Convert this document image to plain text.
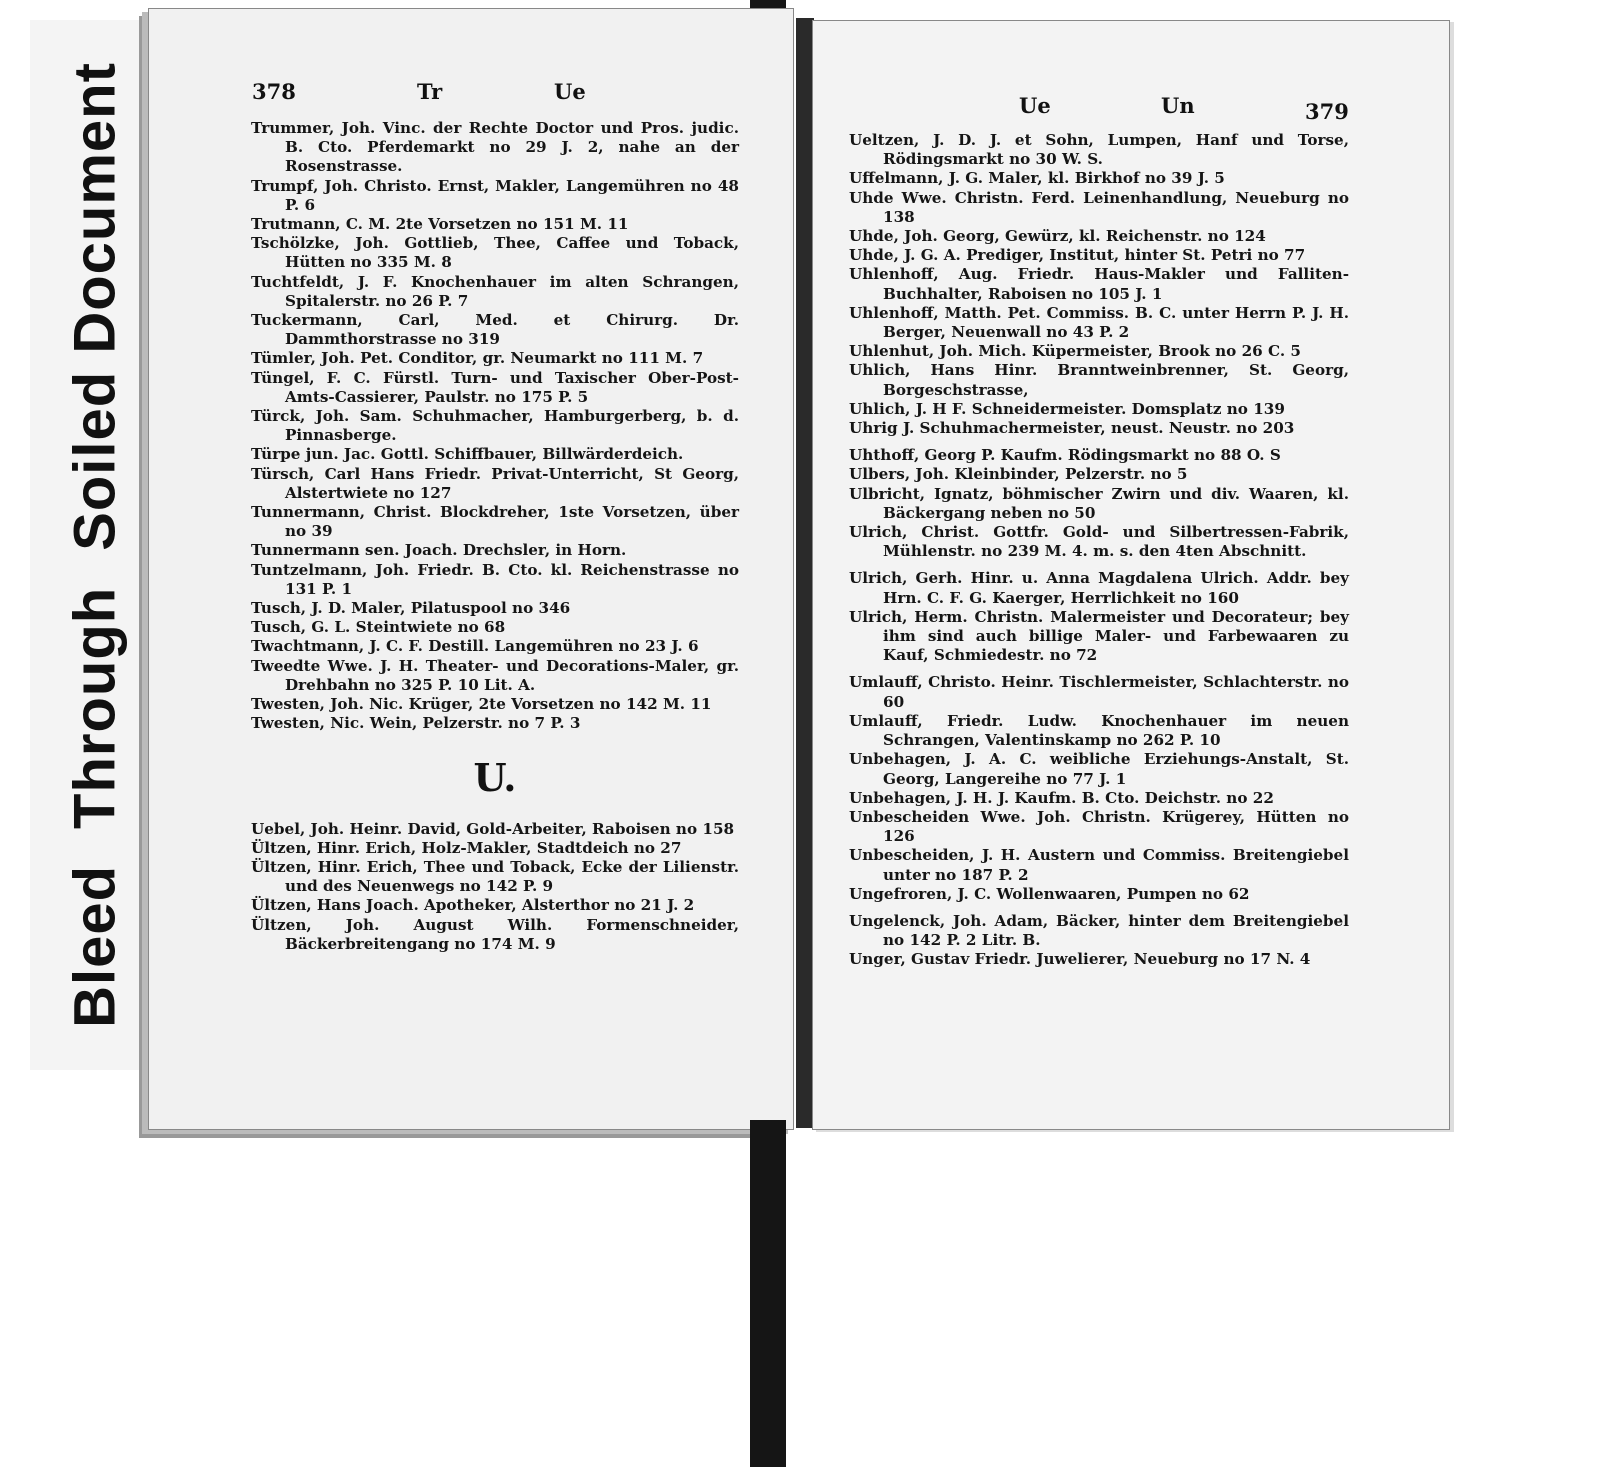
BleedThroughSoiled Document	378	Tr	Ue

Trummer, Joh. Vinc. der Rechte Doctor und Pros. judic. B. Cto. Pferdemarkt no 29 J. 2, nahe an der Rosenstrasse.

Trumpf, Joh. Christo. Ernst, Makler, Langemühren no 48 P. 6

Trutmann, C. M. 2te Vorsetzen no 151 M. 11

Tschölzke, Joh. Gottlieb, Thee, Caffee und Toback, Hütten no 335 M. 8

Tuchtfeldt, J. F. Knochenhauer im alten Schrangen, Spitalerstr. no 26 P. 7

Tuckermann, Carl, Med. et Chirurg. Dr. Dammthorstrasse no 319

Tümler, Joh. Pet. Conditor, gr. Neumarkt no 111 M. 7

Tüngel, F. C. Fürstl. Turn- und Taxischer Ober-Post-Amts-Cassierer, Paulstr. no 175 P. 5

Türck, Joh. Sam. Schuhmacher, Hamburgerberg, b. d. Pinnasberge.

Türpe jun. Jac. Gottl. Schiffbauer, Billwärderdeich.

Türsch, Carl Hans Friedr. Privat-Unterricht, St Georg, Alstertwiete no 127

Tunnermann, Christ. Blockdreher, 1ste Vorsetzen, über no 39

Tunnermann sen. Joach. Drechsler, in Horn.

Tuntzelmann, Joh. Friedr. B. Cto. kl. Reichenstrasse no 131 P. 1

Tusch, J. D. Maler, Pilatuspool no 346

Tusch, G. L. Steintwiete no 68

Twachtmann, J. C. F. Destill. Langemühren no 23 J. 6

Tweedte Wwe. J. H. Theater- und Decorations-Maler, gr. Drehbahn no 325 P. 10 Lit. A.

Twesten, Joh. Nic. Krüger, 2te Vorsetzen no 142 M. 11

Twesten, Nic. Wein, Pelzerstr. no 7 P. 3

U.

Uebel, Joh. Heinr. David, Gold-Arbeiter, Raboisen no 158

Ültzen, Hinr. Erich, Holz-Makler, Stadtdeich no 27

Ültzen, Hinr. Erich, Thee und Toback, Ecke der Lilienstr. und des Neuenwegs no 142 P. 9

Ültzen, Hans Joach. Apotheker, Alsterthor no 21 J. 2

Ültzen, Joh. August Wilh. Formenschneider, Bäckerbreitengang no 174 M. 9

Ue	Un	379

Ueltzen, J. D. J. et Sohn, Lumpen, Hanf und Torse, Rödingsmarkt no 30 W. S.

Uffelmann, J. G. Maler, kl. Birkhof no 39 J. 5

Uhde Wwe. Christn. Ferd. Leinenhandlung, Neueburg no 138

Uhde, Joh. Georg, Gewürz, kl. Reichenstr. no 124

Uhde, J. G. A. Prediger, Institut, hinter St. Petri no 77

Uhlenhoff, Aug. Friedr. Haus-Makler und Falliten-Buchhalter, Raboisen no 105 J. 1

Uhlenhoff, Matth. Pet. Commiss. B. C. unter Herrn P. J. H. Berger, Neuenwall no 43 P. 2

Uhlenhut, Joh. Mich. Küpermeister, Brook no 26 C. 5

Uhlich, Hans Hinr. Branntweinbrenner, St. Georg, Borgeschstrasse,

Uhlich, J. H F. Schneidermeister. Domsplatz no 139

Uhrig J. Schuhmachermeister, neust. Neustr. no 203

Uhthoff, Georg P. Kaufm. Rödingsmarkt no 88 O. S

Ulbers, Joh. Kleinbinder, Pelzerstr. no 5

Ulbricht, Ignatz, böhmischer Zwirn und div. Waaren, kl. Bäckergang neben no 50

Ulrich, Christ. Gottfr. Gold- und Silbertressen-Fabrik, Mühlenstr. no 239 M. 4. m. s. den 4ten Abschnitt.

Ulrich, Gerh. Hinr. u. Anna Magdalena Ulrich. Addr. bey Hrn. C. F. G. Kaerger, Herrlichkeit no 160

Ulrich, Herm. Christn. Malermeister und Decorateur; bey ihm sind auch billige Maler- und Farbewaaren zu Kauf, Schmiedestr. no 72

Umlauff, Christo. Heinr. Tischlermeister, Schlachterstr. no 60

Umlauff, Friedr. Ludw. Knochenhauer im neuen Schrangen, Valentinskamp no 262 P. 10

Unbehagen, J. A. C. weibliche Erziehungs-Anstalt, St. Georg, Langereihe no 77 J. 1

Unbehagen, J. H. J. Kaufm. B. Cto. Deichstr. no 22

Unbescheiden Wwe. Joh. Christn. Krügerey, Hütten no 126

Unbescheiden, J. H. Austern und Commiss. Breitengiebel unter no 187 P. 2

Ungefroren, J. C. Wollenwaaren, Pumpen no 62

Ungelenck, Joh. Adam, Bäcker, hinter dem Breitengiebel no 142 P. 2 Litr. B.

Unger, Gustav Friedr. Juwelierer, Neueburg no 17 N. 4
